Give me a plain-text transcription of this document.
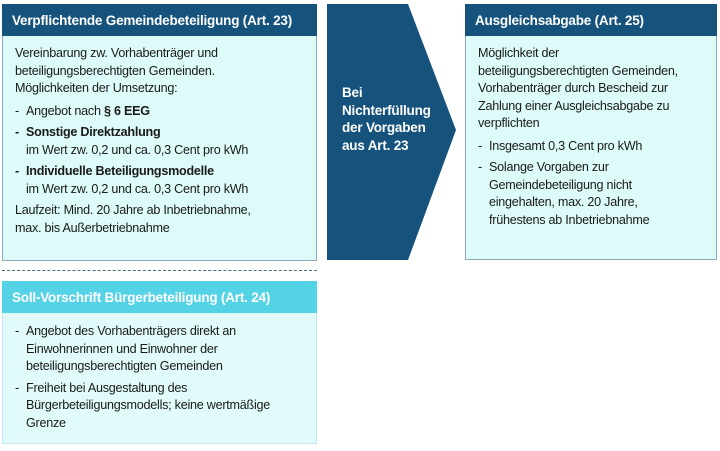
Verpflichtende Gemeindebeteiligung (Art. 23)
Vereinbarung zw. Vorhabenträger und
beteiligungsberechtigten Gemeinden.
Möglichkeiten der Umsetzung:
- Angebot nach § 6 EEG
- Sonstige Direktzahlung
im Wert zw. 0,2 und ca. 0,3 Cent pro kWh
- Individuelle Beteiligungsmodelle
im Wert zw. 0,2 und ca. 0,3 Cent pro kWh
Laufzeit: Mind. 20 Jahre ab Inbetriebnahme,
max. bis Außerbetriebnahme
Bei
Nichterfüllung
der Vorgaben
aus Art. 23
Ausgleichsabgabe (Art. 25)
Möglichkeit der
beteiligungsberechtigten Gemeinden,
Vorhabenträger durch Bescheid zur
Zahlung einer Ausgleichsabgabe zu
verpflichten
- Insgesamt 0,3 Cent pro kWh
- Solange Vorgaben zur
Gemeindebeteiligung nicht
eingehalten, max. 20 Jahre,
frühestens ab Inbetriebnahme
Soll-Vorschrift Bürgerbeteiligung (Art. 24)
- Angebot des Vorhabenträgers direkt an
Einwohnerinnen und Einwohner der
beteiligungsberechtigten Gemeinden
- Freiheit bei Ausgestaltung des
Bürgerbeteiligungsmodells; keine wertmäßige
Grenze
